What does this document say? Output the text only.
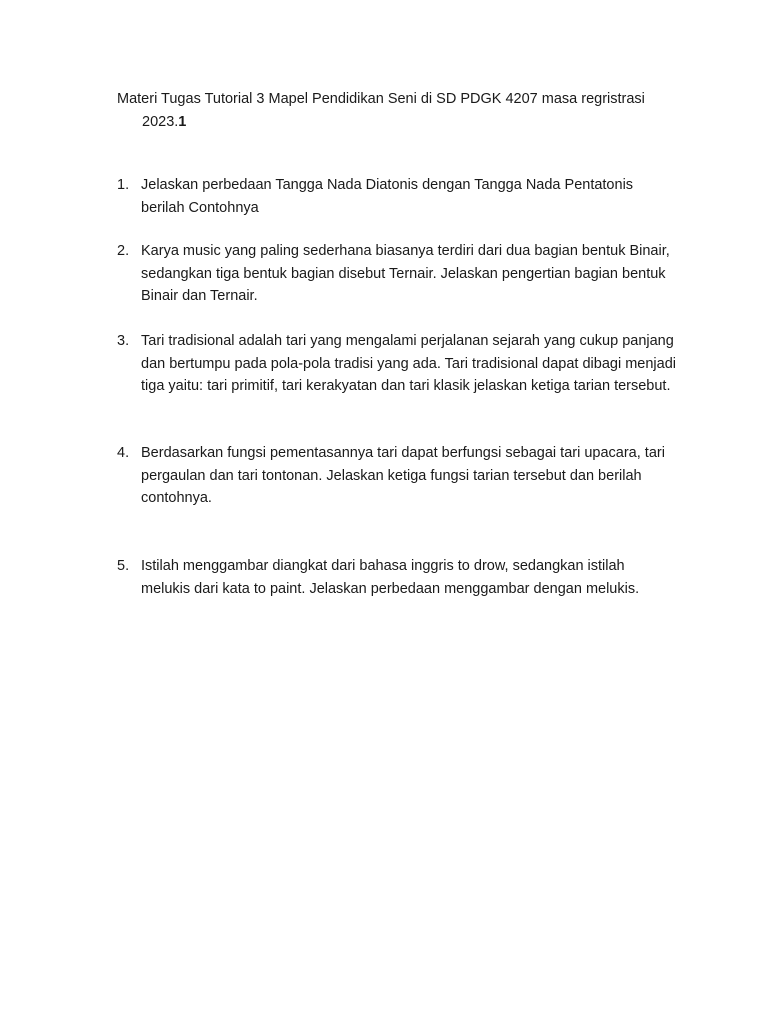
Materi Tugas Tutorial 3 Mapel Pendidikan Seni di SD PDGK 4207 masa regristrasi 2023.1
1. Jelaskan perbedaan Tangga Nada Diatonis dengan Tangga Nada Pentatonis berilah Contohnya
2. Karya music yang paling sederhana biasanya terdiri dari dua bagian bentuk Binair, sedangkan tiga bentuk bagian disebut Ternair. Jelaskan pengertian bagian bentuk Binair dan Ternair.
3. Tari tradisional adalah tari yang mengalami perjalanan sejarah yang cukup panjang dan bertumpu pada pola-pola tradisi yang ada. Tari tradisional dapat dibagi menjadi tiga yaitu: tari primitif, tari kerakyatan dan tari klasik jelaskan ketiga tarian tersebut.
4. Berdasarkan fungsi pementasannya tari dapat berfungsi sebagai tari upacara, tari pergaulan dan tari tontonan. Jelaskan ketiga fungsi tarian tersebut dan berilah contohnya.
5. Istilah menggambar diangkat dari bahasa inggris to drow, sedangkan istilah melukis dari kata to paint. Jelaskan perbedaan menggambar dengan melukis.
